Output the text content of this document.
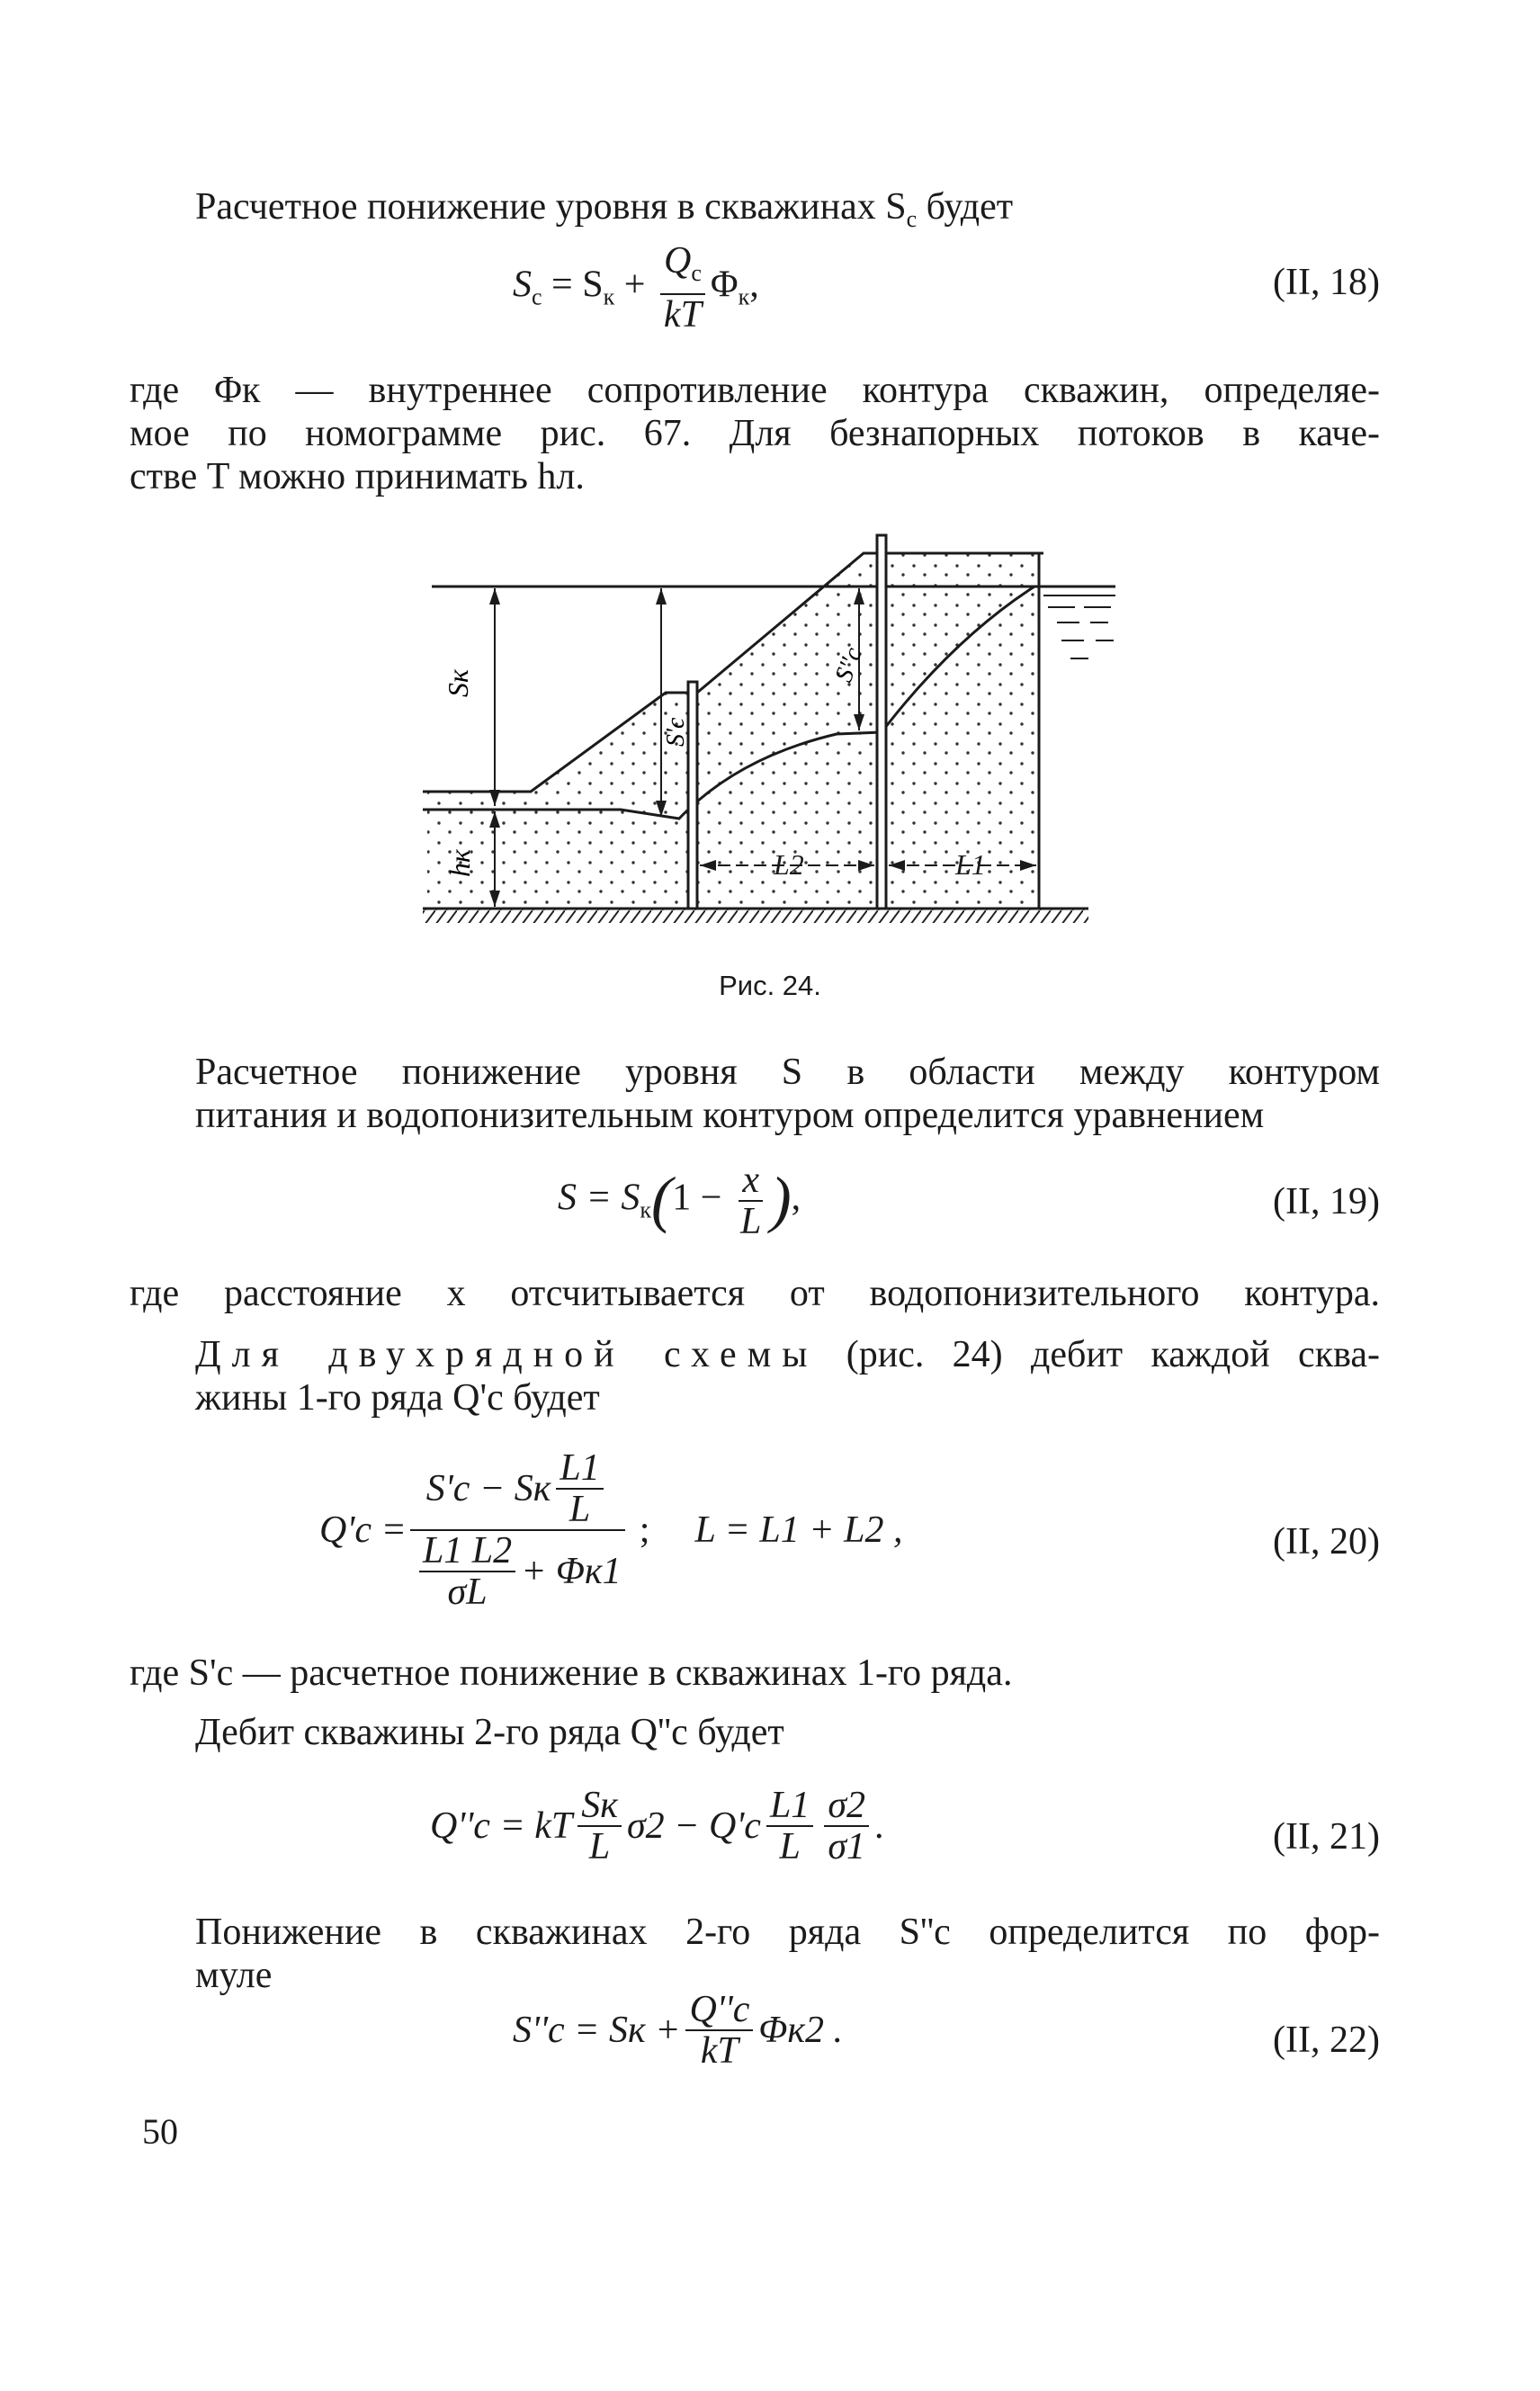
Расчетное понижение уровня в скважинах $S_с$ будет
$S_с = S_к + \frac{Q_с}{kT} \Phi_к$,	(II, 18)
где Φк — внутреннее сопротивление контура скважин, определяе-
мое по номограмме рис. 67. Для безнапорных потоков в каче-
стве T можно принимать hл.
Sк
hк
S'с
S''с
L2	L1
Рис. 24.
Расчетное понижение уровня S в области между контуром
питания и водопонизительным контуром определится уравнением
$S = S_к(1 - \frac{x}{L}$ ),	(II, 19)
где расстояние x отсчитывается от водопонизительного контура.
Для двухрядной схемы (рис. 24) дебит каждой сква-
жины 1-го ряда Q'с будет
$Q'с = \frac{S'с - Sк \frac{L1}{L}}{\frac{L1 L2}{\sigma L} + \Phi к1}$ ; L = L1 + L2 ,	(II, 20)
где S'с — расчетное понижение в скважинах 1-го ряда.
Дебит скважины 2-го ряда Q''с будет
Q''с = kT $\frac{Sк}{L} \sigma 2 - Q'с \frac{L1}{L} \frac{\sigma 2}{\sigma 1}$ .	(II, 21)
Понижение в скважинах 2-го ряда S''с определится по фор-
муле
S''с = Sк + $\frac{Q''с}{kT} \Phi к2$ .	(II, 22)
50
